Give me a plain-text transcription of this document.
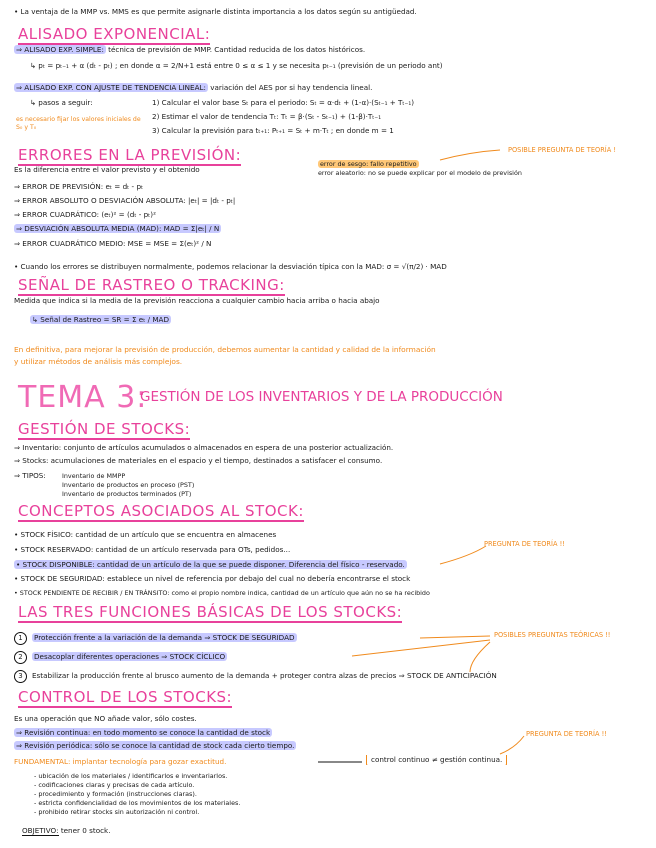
• La ventaja de la MMP vs. MMS es que permite asignarle distinta importancia a los datos según su antigüedad.
ALISADO EXPONENCIAL:
⇒ ALISADO EXP. SIMPLE: técnica de previsión de MMP. Cantidad reducida de los datos históricos.
↳ pₜ = pₜ₋₁ + α (dₜ - pₜ) ; en donde α = 2/N+1 está entre 0 ≤ α ≤ 1 y se necesita pₜ₋₁ (previsión de un periodo ant)
⇒ ALISADO EXP. CON AJUSTE DE TENDENCIA LINEAL: variación del AES por si hay tendencia lineal.
↳ pasos a seguir:	1) Calcular el valor base Sₜ para el periodo: Sₜ = α·dₜ + (1-α)·(Sₜ₋₁ + Tₜ₋₁)
2) Estimar el valor de tendencia Tₜ: Tₜ = β·(Sₜ - Sₜ₋₁) + (1-β)·Tₜ₋₁
3) Calcular la previsión para tₜ₊₁: Pₜ₊₁ = Sₜ + m·Tₜ ; en donde m = 1
es necesario fijar los valores iniciales de S₀ y T₀
ERRORES EN LA PREVISIÓN:	POSIBLE PREGUNTA DE TEORÍA !
Es la diferencia entre el valor previsto y el obtenido
error de sesgo: fallo repetitivo
error aleatorio: no se puede explicar por el modelo de previsión
⇒ ERROR DE PREVISIÓN: eₜ = dₜ - pₜ
⇒ ERROR ABSOLUTO O DESVIACIÓN ABSOLUTA: |eₜ| = |dₜ - pₜ|
⇒ ERROR CUADRÁTICO: (eₜ)² = (dₜ - pₜ)²
⇒ DESVIACIÓN ABSOLUTA MEDIA (MAD): MAD = Σ|eₜ| / N
⇒ ERROR CUADRÁTICO MEDIO: MSE = MSE = Σ(eₜ)² / N
• Cuando los errores se distribuyen normalmente, podemos relacionar la desviación típica con la MAD: σ = √(π/2) · MAD
SEÑAL DE RASTREO O TRACKING:
Medida que indica si la media de la previsión reacciona a cualquier cambio hacia arriba o hacia abajo
↳ Señal de Rastreo = SR = Σ eₜ / MAD
En definitiva, para mejorar la previsión de producción, debemos aumentar la cantidad y calidad de la información
y utilizar métodos de análisis más complejos.
TEMA 3:
GESTIÓN DE LOS INVENTARIOS Y DE LA PRODUCCIÓN
GESTIÓN DE STOCKS:
⇒ Inventario: conjunto de artículos acumulados o almacenados en espera de una posterior actualización.
⇒ Stocks: acumulaciones de materiales en el espacio y el tiempo, destinados a satisfacer el consumo.
⇒ TIPOS:	Inventario de MMPP
Inventario de productos en proceso (PST)
Inventario de productos terminados (PT)
CONCEPTOS ASOCIADOS AL STOCK:
PREGUNTA DE TEORÍA !!
• STOCK FÍSICO: cantidad de un artículo que se encuentra en almacenes
• STOCK RESERVADO: cantidad de un artículo reservada para OTs, pedidos...
• STOCK DISPONIBLE: cantidad de un artículo de la que se puede disponer. Diferencia del físico - reservado.
• STOCK DE SEGURIDAD: establece un nivel de referencia por debajo del cual no debería encontrarse el stock
• STOCK PENDIENTE DE RECIBIR / EN TRÁNSITO: como el propio nombre indica, cantidad de un artículo que aún no se ha recibido
LAS TRES FUNCIONES BÁSICAS DE LOS STOCKS:
POSIBLES PREGUNTAS TEÓRICAS !!
1 Protección frente a la variación de la demanda ⇒ STOCK DE SEGURIDAD
2 Desacoplar diferentes operaciones ⇒ STOCK CÍCLICO
3 Estabilizar la producción frente al brusco aumento de la demanda + proteger contra alzas de precios ⇒ STOCK DE ANTICIPACIÓN
CONTROL DE LOS STOCKS:
PREGUNTA DE TEORÍA !!
Es una operación que NO añade valor, sólo costes.
⇒ Revisión continua: en todo momento se conoce la cantidad de stock
⇒ Revisión periódica: sólo se conoce la cantidad de stock cada cierto tiempo.
FUNDAMENTAL: implantar tecnología para gozar exactitud.	control continuo ≠ gestión continua.
- ubicación de los materiales / identificarlos e inventariarlos.
- codificaciones claras y precisas de cada artículo.
- procedimiento y formación (instrucciones claras).
- estricta confidencialidad de los movimientos de los materiales.
- prohibido retirar stocks sin autorización ni control.
OBJETIVO: tener 0 stock.
